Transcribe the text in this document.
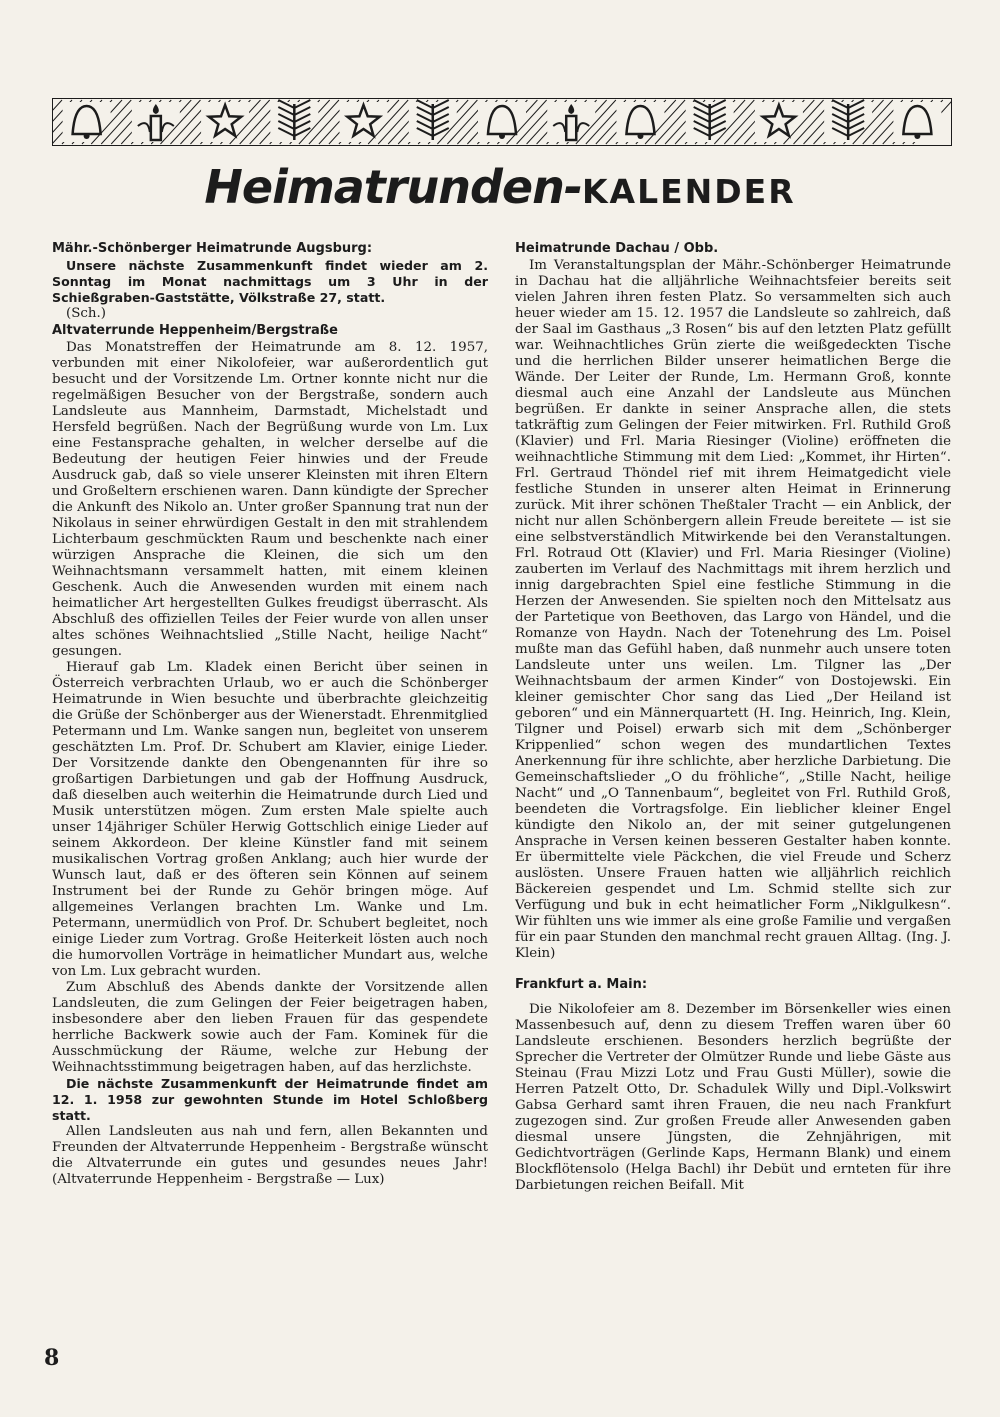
Heimatrunden-KALENDER
Mähr.-Schönberger Heimatrunde Augsburg:

Unsere nächste Zusammenkunft findet wieder am 2. Sonntag im Monat nachmittags um 3 Uhr in der Schießgraben-Gaststätte, Völkstraße 27, statt.

(Sch.)

Altvaterrunde Heppenheim/Bergstraße

Das Monatstreffen der Heimatrunde am 8. 12. 1957, verbunden mit einer Nikolofeier, war außerordentlich gut besucht und der Vorsitzende Lm. Ortner konnte nicht nur die regelmäßigen Besucher von der Bergstraße, sondern auch Landsleute aus Mannheim, Darmstadt, Michelstadt und Hersfeld begrüßen. Nach der Begrüßung wurde von Lm. Lux eine Festansprache gehalten, in welcher derselbe auf die Bedeutung der heutigen Feier hinwies und der Freude Ausdruck gab, daß so viele unserer Kleinsten mit ihren Eltern und Großeltern erschienen waren. Dann kündigte der Sprecher die Ankunft des Nikolo an. Unter großer Spannung trat nun der Nikolaus in seiner ehrwürdigen Gestalt in den mit strahlendem Lichterbaum geschmückten Raum und beschenkte nach einer würzigen Ansprache die Kleinen, die sich um den Weihnachtsmann versammelt hatten, mit einem kleinen Geschenk. Auch die Anwesenden wurden mit einem nach heimatlicher Art hergestellten Gulkes freudigst überrascht. Als Abschluß des offiziellen Teiles der Feier wurde von allen unser altes schönes Weihnachtslied „Stille Nacht, heilige Nacht“ gesungen.

Hierauf gab Lm. Kladek einen Bericht über seinen in Österreich verbrachten Urlaub, wo er auch die Schönberger Heimatrunde in Wien besuchte und überbrachte gleichzeitig die Grüße der Schönberger aus der Wienerstadt. Ehrenmitglied Petermann und Lm. Wanke sangen nun, begleitet von unserem geschätzten Lm. Prof. Dr. Schubert am Klavier, einige Lieder. Der Vorsitzende dankte den Obengenannten für ihre so großartigen Darbietungen und gab der Hoffnung Ausdruck, daß dieselben auch weiterhin die Heimatrunde durch Lied und Musik unterstützen mögen. Zum ersten Male spielte auch unser 14jähriger Schüler Herwig Gottschlich einige Lieder auf seinem Akkordeon. Der kleine Künstler fand mit seinem musikalischen Vortrag großen Anklang; auch hier wurde der Wunsch laut, daß er des öfteren sein Können auf seinem Instrument bei der Runde zu Gehör bringen möge. Auf allgemeines Verlangen brachten Lm. Wanke und Lm. Petermann, unermüdlich von Prof. Dr. Schubert begleitet, noch einige Lieder zum Vortrag. Große Heiterkeit lösten auch noch die humorvollen Vorträge in heimatlicher Mundart aus, welche von Lm. Lux gebracht wurden.

Zum Abschluß des Abends dankte der Vorsitzende allen Landsleuten, die zum Gelingen der Feier beigetragen haben, insbesondere aber den lieben Frauen für das gespendete herrliche Backwerk sowie auch der Fam. Kominek für die Ausschmückung der Räume, welche zur Hebung der Weihnachtsstimmung beigetragen haben, auf das herzlichste.

Die nächste Zusammenkunft der Heimatrunde findet am 12. 1. 1958 zur gewohnten Stunde im Hotel Schloßberg statt.

Allen Landsleuten aus nah und fern, allen Bekannten und Freunden der Altvaterrunde Heppenheim - Bergstraße wünscht die Altvaterrunde ein gutes und gesundes neues Jahr! (Altvaterrunde Heppenheim - Bergstraße — Lux)

Heimatrunde Dachau / Obb.

Im Veranstaltungsplan der Mähr.-Schönberger Heimatrunde in Dachau hat die alljährliche Weihnachtsfeier bereits seit vielen Jahren ihren festen Platz. So versammelten sich auch heuer wieder am 15. 12. 1957 die Landsleute so zahlreich, daß der Saal im Gasthaus „3 Rosen“ bis auf den letzten Platz gefüllt war. Weihnachtliches Grün zierte die weißgedeckten Tische und die herrlichen Bilder unserer heimatlichen Berge die Wände. Der Leiter der Runde, Lm. Hermann Groß, konnte diesmal auch eine Anzahl der Landsleute aus München begrüßen. Er dankte in seiner Ansprache allen, die stets tatkräftig zum Gelingen der Feier mitwirken. Frl. Ruthild Groß (Klavier) und Frl. Maria Riesinger (Violine) eröffneten die weihnachtliche Stimmung mit dem Lied: „Kommet, ihr Hirten“. Frl. Gertraud Thöndel rief mit ihrem Heimatgedicht viele festliche Stunden in unserer alten Heimat in Erinnerung zurück. Mit ihrer schönen Theßtaler Tracht — ein Anblick, der nicht nur allen Schönbergern allein Freude bereitete — ist sie eine selbstverständlich Mitwirkende bei den Veranstaltungen. Frl. Rotraud Ott (Klavier) und Frl. Maria Riesinger (Violine) zauberten im Verlauf des Nachmittags mit ihrem herzlich und innig dargebrachten Spiel eine festliche Stimmung in die Herzen der Anwesenden. Sie spielten noch den Mittelsatz aus der Partetique von Beethoven, das Largo von Händel, und die Romanze von Haydn. Nach der Totenehrung des Lm. Poisel mußte man das Gefühl haben, daß nunmehr auch unsere toten Landsleute unter uns weilen. Lm. Tilgner las „Der Weihnachtsbaum der armen Kinder“ von Dostojewski. Ein kleiner gemischter Chor sang das Lied „Der Heiland ist geboren“ und ein Männerquartett (H. Ing. Heinrich, Ing. Klein, Tilgner und Poisel) erwarb sich mit dem „Schönberger Krippenlied“ schon wegen des mundartlichen Textes Anerkennung für ihre schlichte, aber herzliche Darbietung. Die Gemeinschaftslieder „O du fröhliche“, „Stille Nacht, heilige Nacht“ und „O Tannenbaum“, begleitet von Frl. Ruthild Groß, beendeten die Vortragsfolge. Ein lieblicher kleiner Engel kündigte den Nikolo an, der mit seiner gutgelungenen Ansprache in Versen keinen besseren Gestalter haben konnte. Er übermittelte viele Päckchen, die viel Freude und Scherz auslösten. Unsere Frauen hatten wie alljährlich reichlich Bäckereien gespendet und Lm. Schmid stellte sich zur Verfügung und buk in echt heimatlicher Form „Niklgulkesn“. Wir fühlten uns wie immer als eine große Familie und vergaßen für ein paar Stunden den manchmal recht grauen Alltag. (Ing. J. Klein)

Frankfurt a. Main:

Die Nikolofeier am 8. Dezember im Börsenkeller wies einen Massenbesuch auf, denn zu diesem Treffen waren über 60 Landsleute erschienen. Besonders herzlich begrüßte der Sprecher die Vertreter der Olmützer Runde und liebe Gäste aus Steinau (Frau Mizzi Lotz und Frau Gusti Müller), sowie die Herren Patzelt Otto, Dr. Schadulek Willy und Dipl.-Volkswirt Gabsa Gerhard samt ihren Frauen, die neu nach Frankfurt zugezogen sind. Zur großen Freude aller Anwesenden gaben diesmal unsere Jüngsten, die Zehnjährigen, mit Gedichtvorträgen (Gerlinde Kaps, Hermann Blank) und einem Blockflötensolo (Helga Bachl) ihr Debüt und ernteten für ihre Darbietungen reichen Beifall. Mit

8
